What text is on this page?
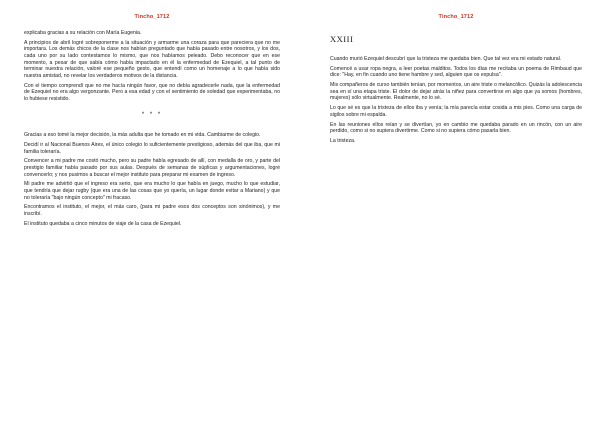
Tincho_1712

explicaba gracias a su relación con María Eugenia.

A principios de abril logré sobreponerme a la situación y armarme una coraza para que pareciera que no me importara. Los demás chicos de la clase nos habían preguntado que había pasado entre nosotros, y los dos, cada uno por su lado contestamos lo mismo, que nos habíamos peleado. Debo reconocer que en ese momento, a pesar de que sabía cómo había impactado en él la enfermedad de Ezequiel, a tal punto de terminar nuestra relación, valoré ese pequeño gesto, que entendí como un homenaje a lo que había sido nuestra amistad, no revelar los verdaderos motivos de la distancia.

Con el tiempo comprendí que no me hacía ningún favor, que no debía agradecerle nada, que la enfermedad de Ezequiel no era algo vergonzante. Pero a esa edad y con el sentimiento de soledad que experimentaba, no lo hubiese resistido.

* * *

Gracias a eso tomé la mejor decisión, la más adulta que he tomado en mi vida. Cambiarme de colegio.

Decidí ir al Nacional Buenos Aires, el único colegio lo suficientemente prestigioso, además del que iba, que mi familia toleraría.

Convencer a mi padre me costó mucho, pero su padre había egresado de allí, con medalla de oro, y parte del prestigio familiar había pasado por sus aulas. Después de semanas de súplicas y argumentaciones, logré convencerlo; y nos pusimos a buscar el mejor instituto para preparar mi examen de ingreso.

Mi padre me advirtió que el ingreso era serio, que era mucho lo que había en juego, mucho lo que estudiar, que tendría que dejar rugby (que era una de las cosas que yo quería, un lugar donde evitar a Mariano) y que no toleraría "bajo ningún concepto" mi fracaso.

Encontramos el instituto, el mejor, el más caro, (para mi padre esos dos conceptos son sinónimos), y me inscribí.

El instituto quedaba a cinco minutos de viaje de la casa de Ezequiel.

Tincho_1712
XXIII

Cuando murió Ezequiel descubrí que la tristeza me quedaba bien. Que tal vez era mi estado natural.

Comencé a usar ropa negra, a leer poetas malditos. Todos los días me recitaba un poema de Rimbaud que dice: "Hay, en fin cuando uno tiene hambre y sed, alguien que os expulsa".

Mis compañeros de curso también tenían, por momentos, un aire triste o melancólico. Quizás la adolescencia sea en sí una etapa triste. El dolor de dejar atrás la niñez para convertirse en algo que ya somos (hombres, mujeres) sólo virtualmente. Realmente, no lo sé.

Lo que sé es que la tristeza de ellos iba y venía; la mía parecía estar cosida a mis pies. Como una carga de sigilos sobre mi espalda.

En las reuniones ellos reían y se divertían, yo en cambio me quedaba parado en un rincón, con un aire perdido, como si no supiera divertirme. Como si no supiera cómo pasarla bien.

La tristeza.
